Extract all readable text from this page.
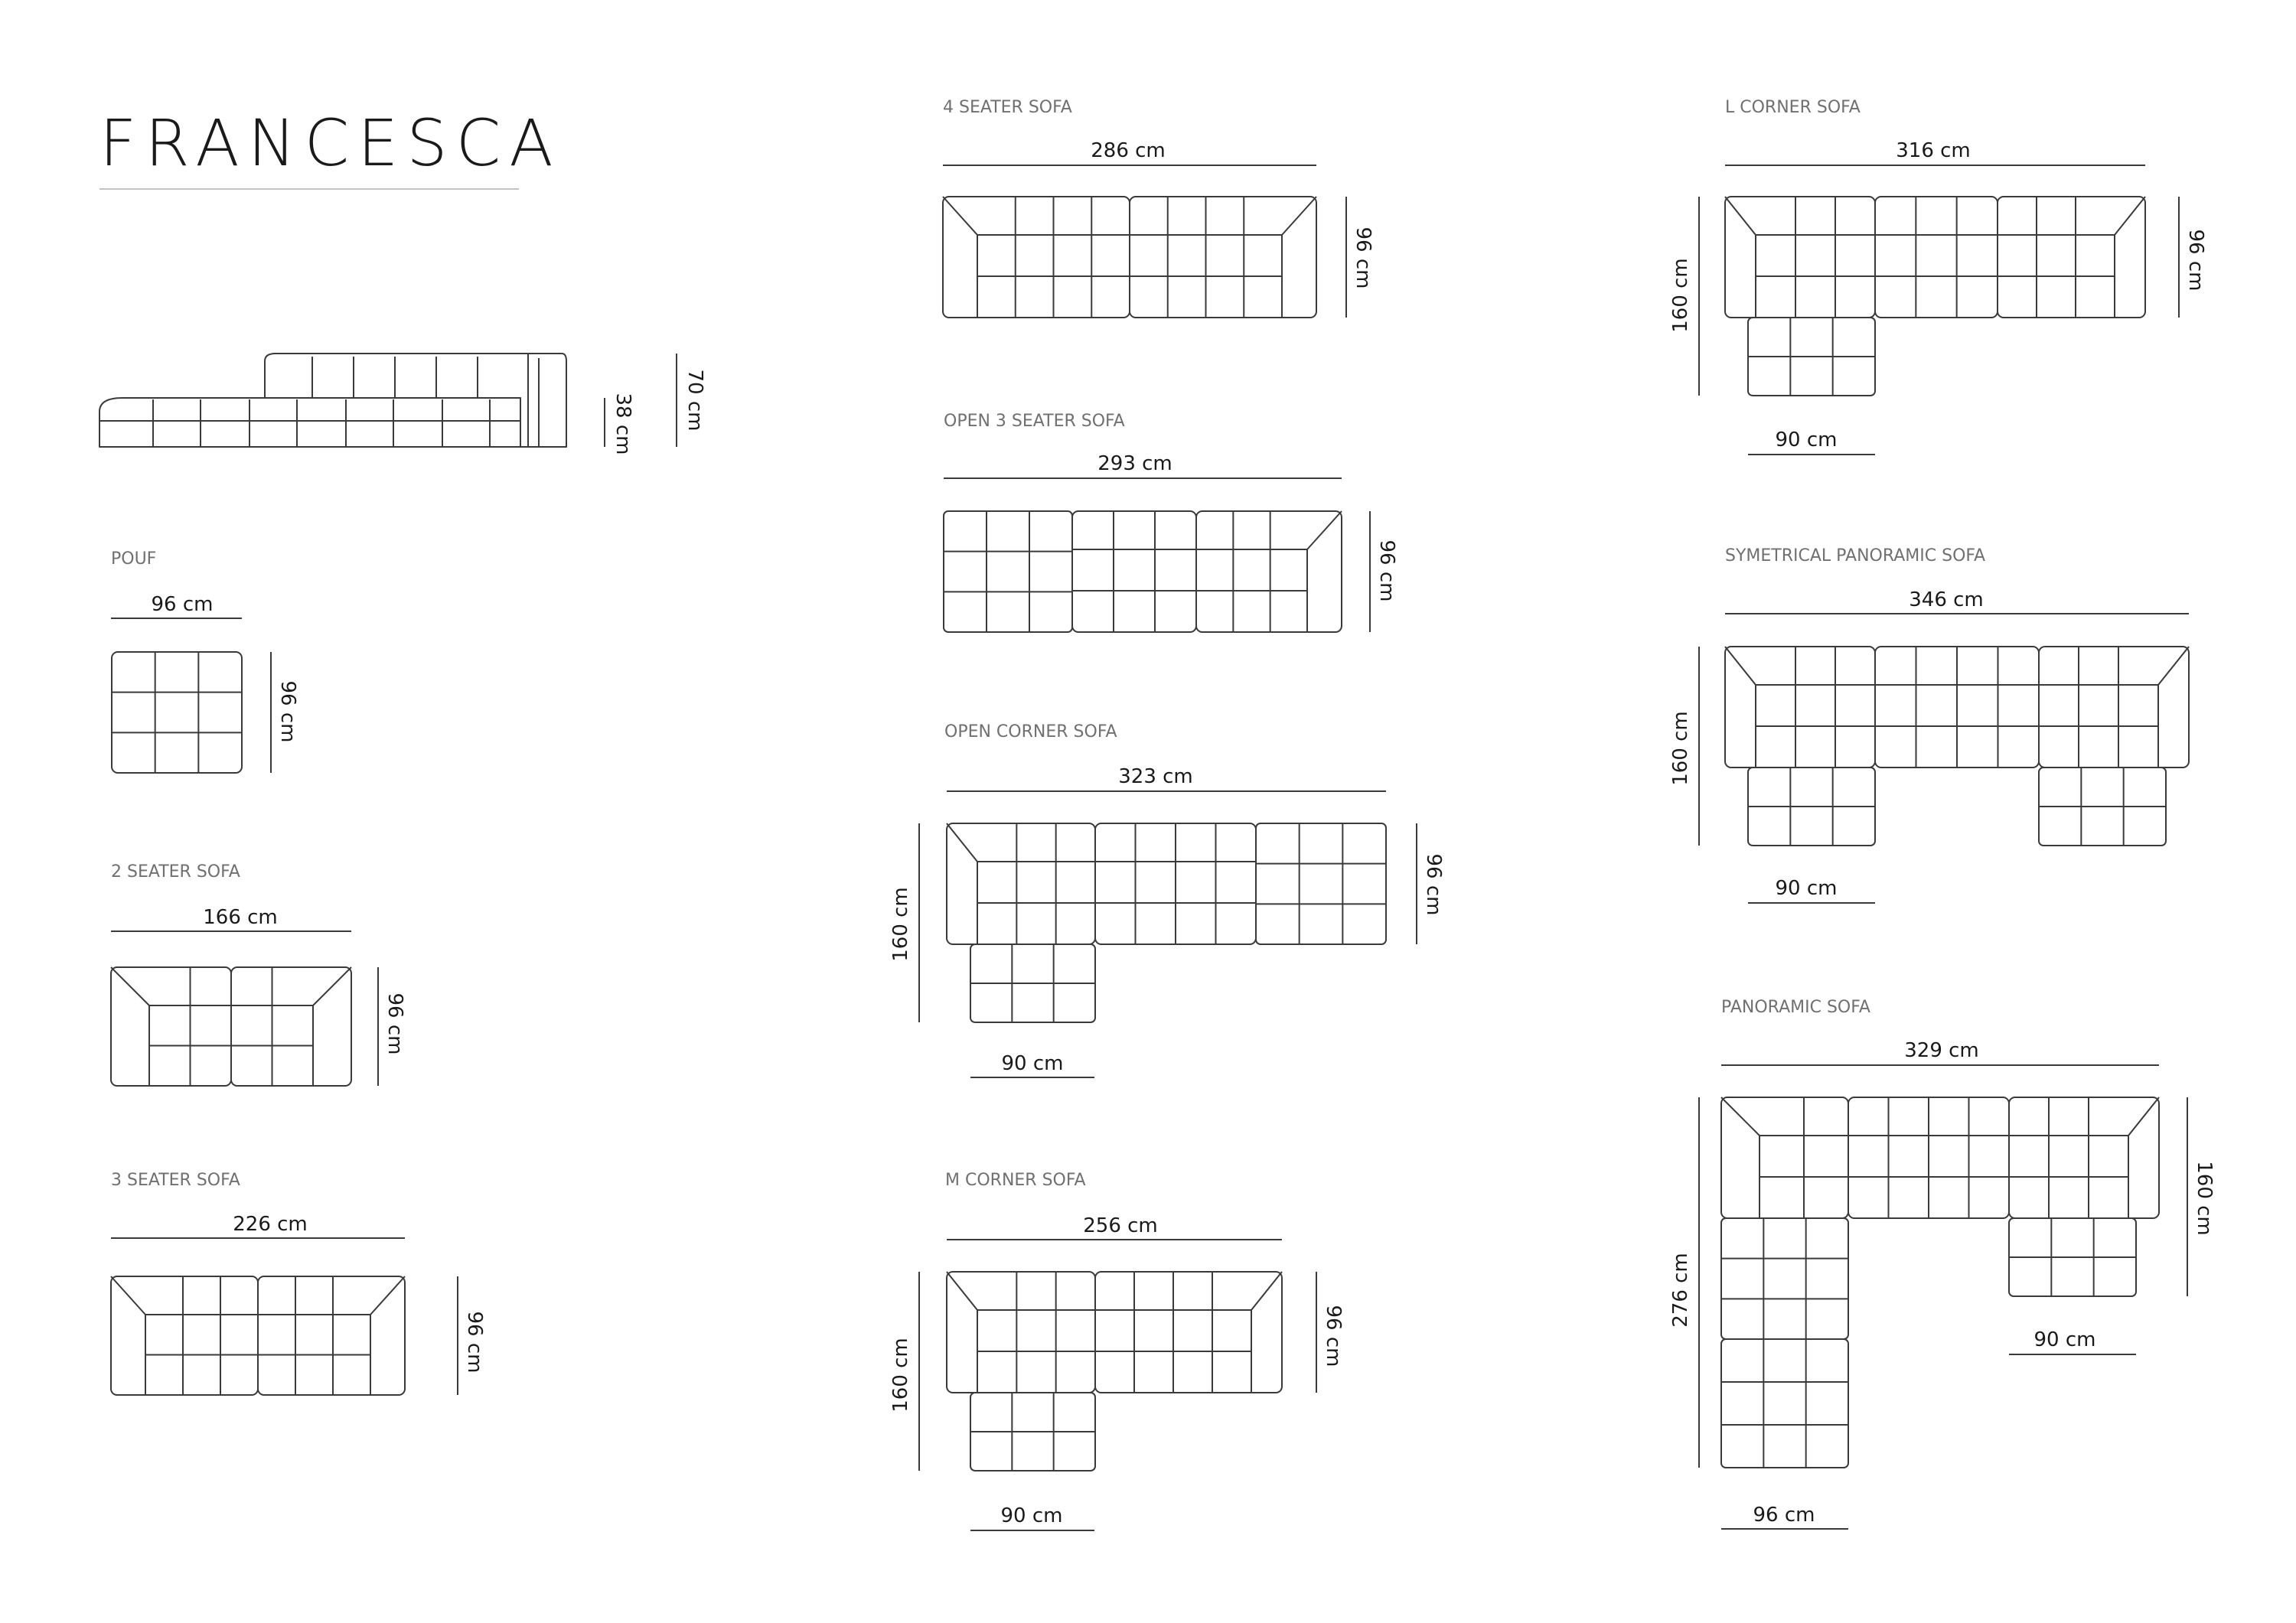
FRANCESCA
POUF
2 SEATER SOFA
3 SEATER SOFA
4 SEATER SOFA
OPEN 3 SEATER SOFA
OPEN CORNER SOFA
M CORNER SOFA
L CORNER SOFA
SYMETRICAL PANORAMIC SOFA
PANORAMIC SOFA
96 cm
166 cm
226 cm
286 cm
293 cm
323 cm
90 cm
256 cm
90 cm
316 cm
90 cm
346 cm
90 cm
329 cm
90 cm
96 cm
38 cm 70 cm
96 cm
96 cm
96 cm
96 cm
96 cm
96 cm
160 cm
96 cm
160 cm
96 cm
160 cm
160 cm
160 cm
276 cm
